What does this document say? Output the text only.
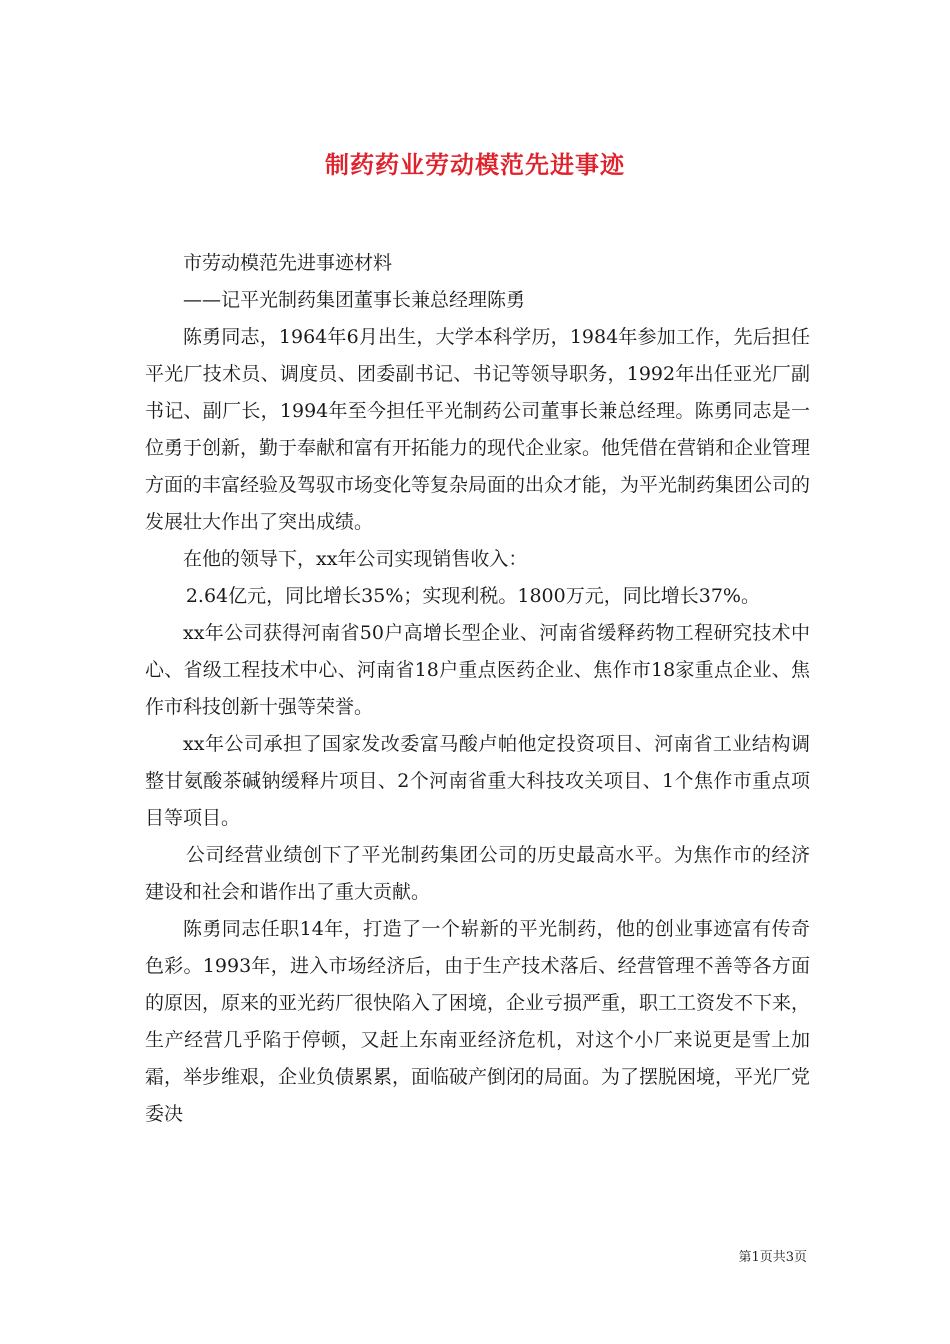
制药药业劳动模范先进事迹

市劳动模范先进事迹材料

——记平光制药集团董事长兼总经理陈勇

陈勇同志，1964年6月出生，大学本科学历，1984年参加工作，先后担任平光厂技术员、调度员、团委副书记、书记等领导职务，1992年出任亚光厂副书记、副厂长，1994年至今担任平光制药公司董事长兼总经理。陈勇同志是一位勇于创新，勤于奉献和富有开拓能力的现代企业家。他凭借在营销和企业管理方面的丰富经验及驾驭市场变化等复杂局面的出众才能，为平光制药集团公司的发展壮大作出了突出成绩。

在他的领导下，xx年公司实现销售收入：

2.64亿元，同比增长35%；实现利税。1800万元，同比增长37%。

xx年公司获得河南省50户高增长型企业、河南省缓释药物工程研究技术中心、省级工程技术中心、河南省18户重点医药企业、焦作市18家重点企业、焦作市科技创新十强等荣誉。

xx年公司承担了国家发改委富马酸卢帕他定投资项目、河南省工业结构调整甘氨酸茶碱钠缓释片项目、2个河南省重大科技攻关项目、1个焦作市重点项目等项目。

公司经营业绩创下了平光制药集团公司的历史最高水平。为焦作市的经济建设和社会和谐作出了重大贡献。

陈勇同志任职14年，打造了一个崭新的平光制药，他的创业事迹富有传奇色彩。1993年，进入市场经济后，由于生产技术落后、经营管理不善等各方面的原因，原来的亚光药厂很快陷入了困境，企业亏损严重，职工工资发不下来，生产经营几乎陷于停顿，又赶上东南亚经济危机，对这个小厂来说更是雪上加霜，举步维艰，企业负债累累，面临破产倒闭的局面。为了摆脱困境，平光厂党委决

第1页共3页
